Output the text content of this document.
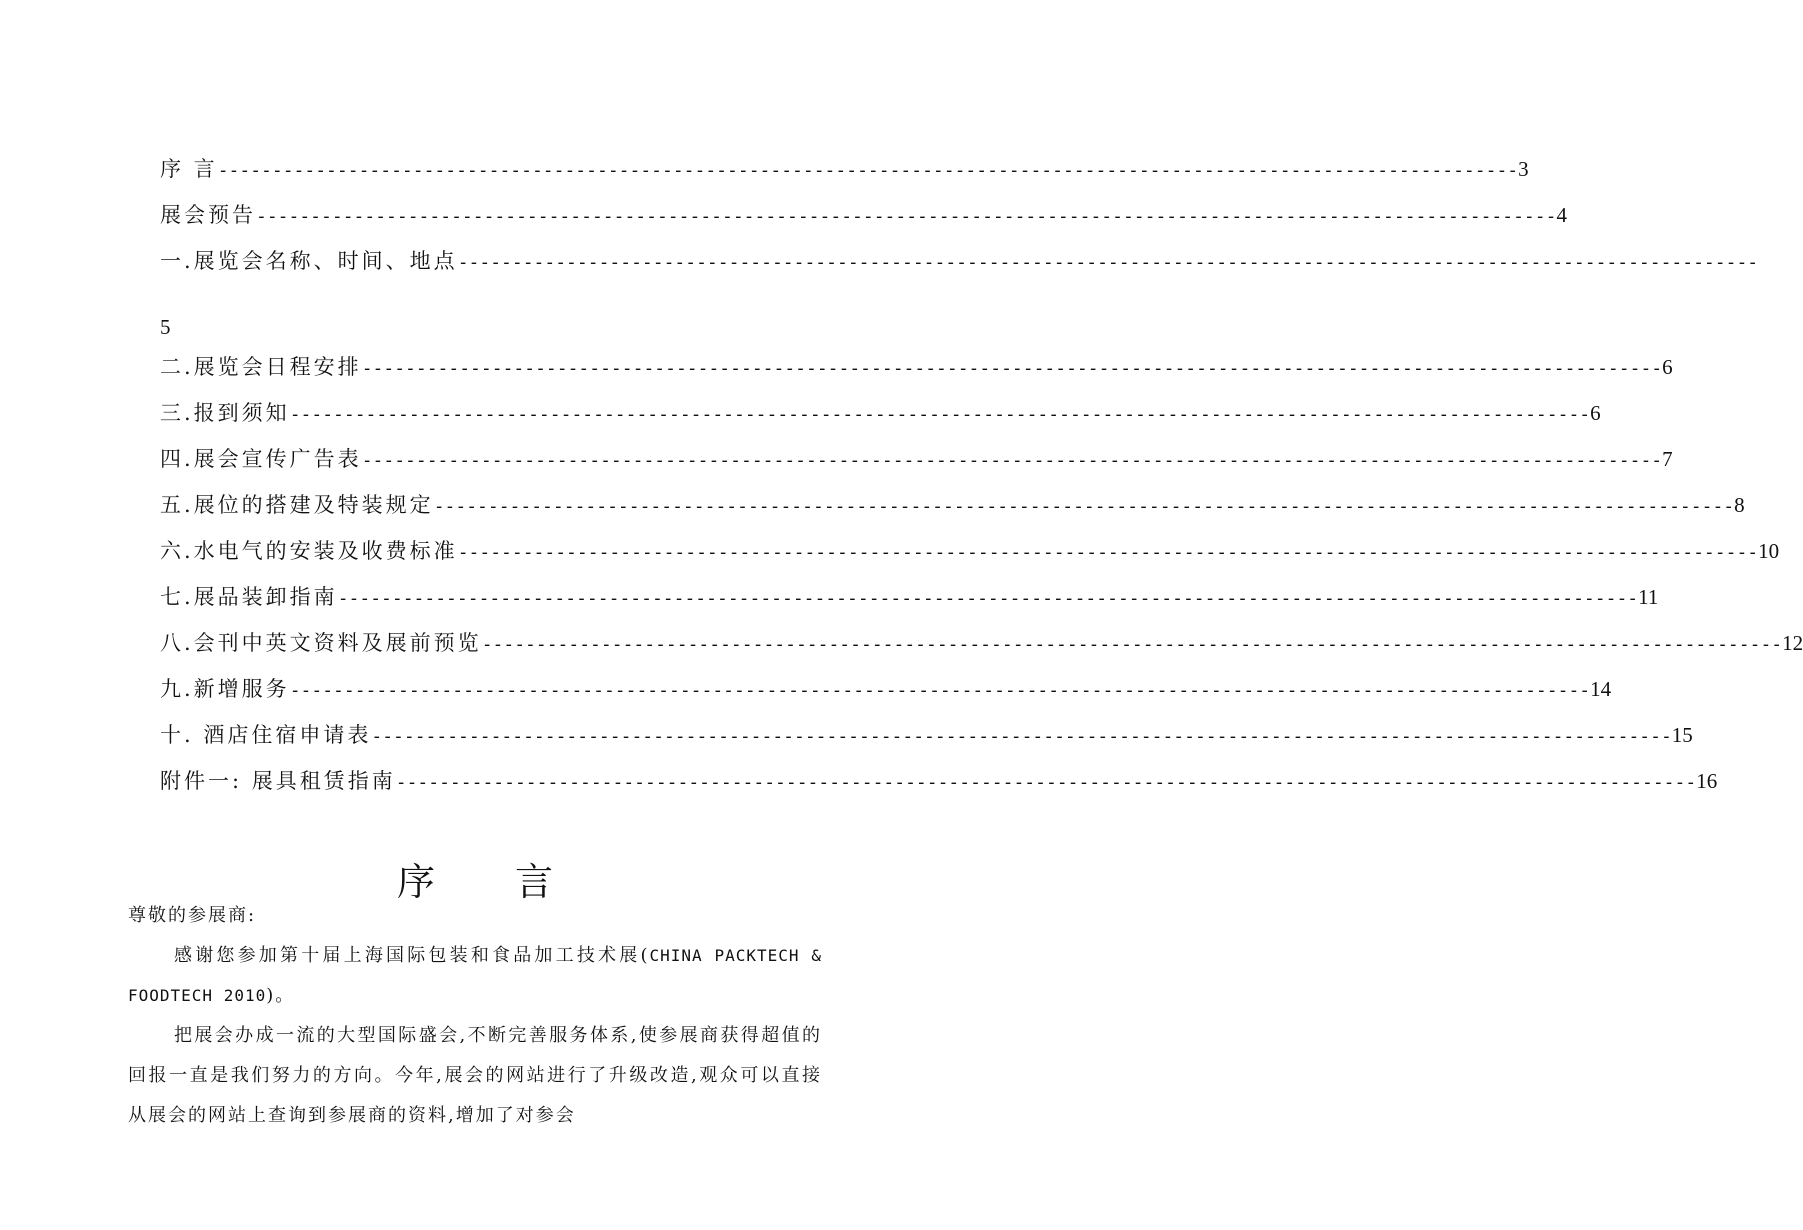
序 言 ------------------------------------------------------------------------------------------------------------------------ 3
展会预告 ------------------------------------------------------------------------------------------------------------------------ 4
一.展览会名称、时间、地点 ------------------------------------------------------------------------------------------------------------------------
5
二.展览会日程安排 ------------------------------------------------------------------------------------------------------------------------ 6
三.报到须知 ------------------------------------------------------------------------------------------------------------------------ 6
四.展会宣传广告表 ------------------------------------------------------------------------------------------------------------------------ 7
五.展位的搭建及特装规定 ------------------------------------------------------------------------------------------------------------------------ 8
六.水电气的安装及收费标准 ------------------------------------------------------------------------------------------------------------------------ 10
七.展品装卸指南 ------------------------------------------------------------------------------------------------------------------------ 11
八.会刊中英文资料及展前预览 ------------------------------------------------------------------------------------------------------------------------ 12
九.新增服务 ------------------------------------------------------------------------------------------------------------------------ 14
十. 酒店住宿申请表 ------------------------------------------------------------------------------------------------------------------------ 15
附件一: 展具租赁指南 ------------------------------------------------------------------------------------------------------------------------ 16
序 言

尊敬的参展商:

感谢您参加第十届上海国际包装和食品加工技术展(CHINA PACKTECH & FOODTECH 2010)。

把展会办成一流的大型国际盛会,不断完善服务体系,使参展商获得超值的回报一直是我们努力的方向。今年,展会的网站进行了升级改造,观众可以直接从展会的网站上查询到参展商的资料,增加了对参会
